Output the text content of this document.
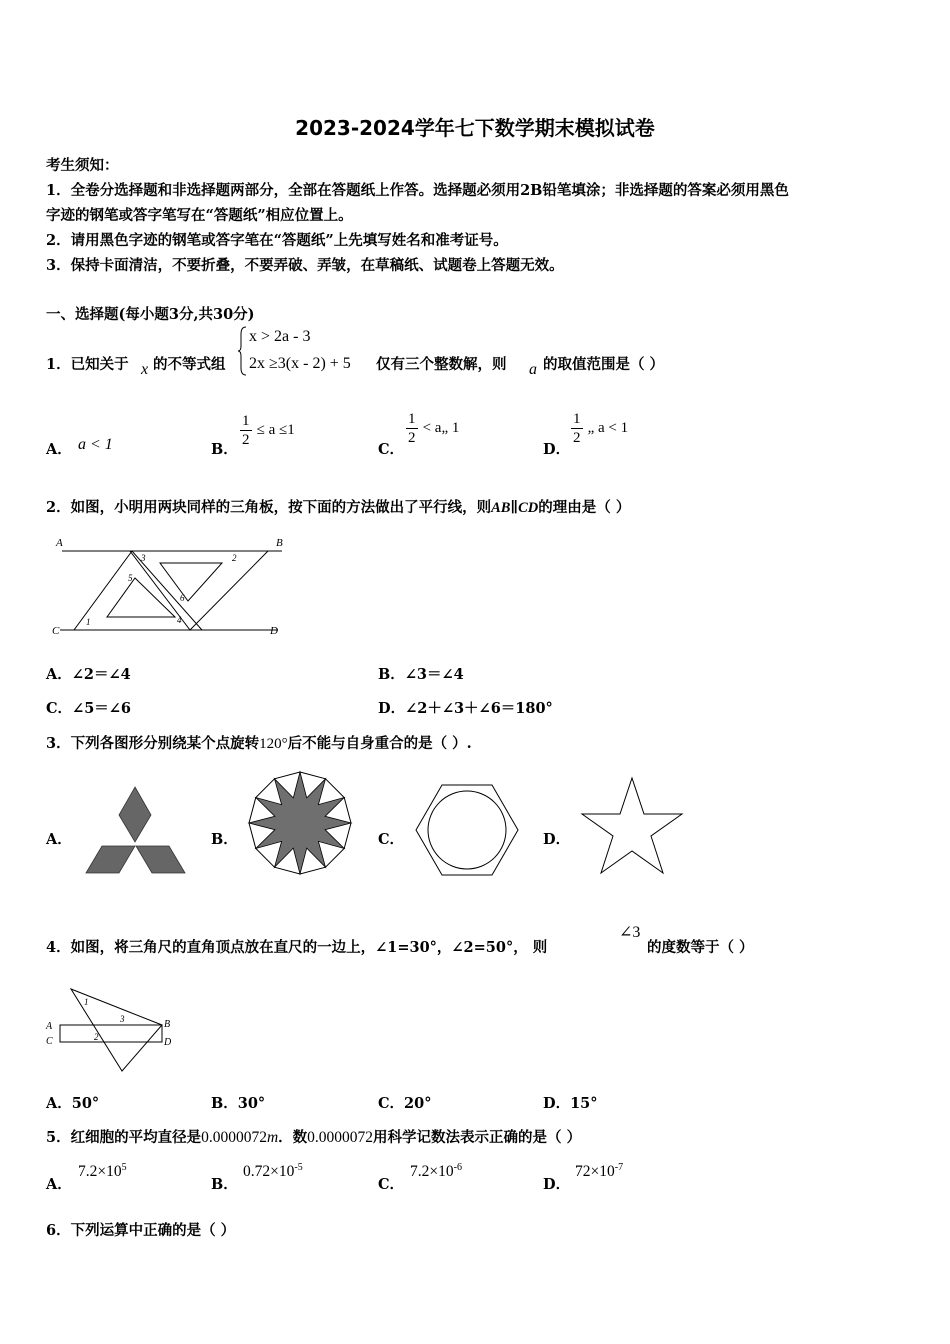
2023-2024学年七下数学期末模拟试卷
考生须知：
1．全卷分选择题和非选择题两部分，全部在答题纸上作答。选择题必须用2B铅笔填涂；非选择题的答案必须用黑色
字迹的钢笔或答字笔写在“答题纸”相应位置上。
2．请用黑色字迹的钢笔或答字笔在“答题纸”上先填写姓名和准考证号。
3．保持卡面清洁，不要折叠，不要弄破、弄皱，在草稿纸、试题卷上答题无效。
一、选择题(每小题3分,共30分)
1．已知关于 x 的不等式组
x > 2a - 3
2x ≥3(x - 2) + 5 仅有三个整数解，则 a 的取值范围是（ ）
A． a < 1	B．
$\frac{1}{2} \le a \le 1$
C．
$\frac{1}{2}$ < a„ 1
D．
$\frac{1}{2}$ „ a < 1
2．如图，小明用两块同样的三角板，按下面的方法做出了平行线，则AB∥CD的理由是（ ）
A	B
C	D
1
2
3
4
5
6
A．∠2＝∠4	B．∠3＝∠4
C．∠5＝∠6	D．∠2＋∠3＋∠6＝180°
3．下列各图形分别绕某个点旋转120°后不能与自身重合的是（ ）.
A．	B．	C．	D．
4．如图，将三角尺的直角顶点放在直尺的一边上，∠1=30°，∠2=50°， 则
∠3
的度数等于（ ）
A
C
B
D
1
2
3
A．50°	B．30°	C．20°	D．15°
5．红细胞的平均直径是0.0000072m．数0.0000072用科学记数法表示正确的是（ ）
A．
$7.2\times 10^5$
B．
$0.72\times 10^{-5}$
C．
$7.2\times 10^{-6}$
D．
$72\times 10^{-7}$
6．下列运算中正确的是（ ）
